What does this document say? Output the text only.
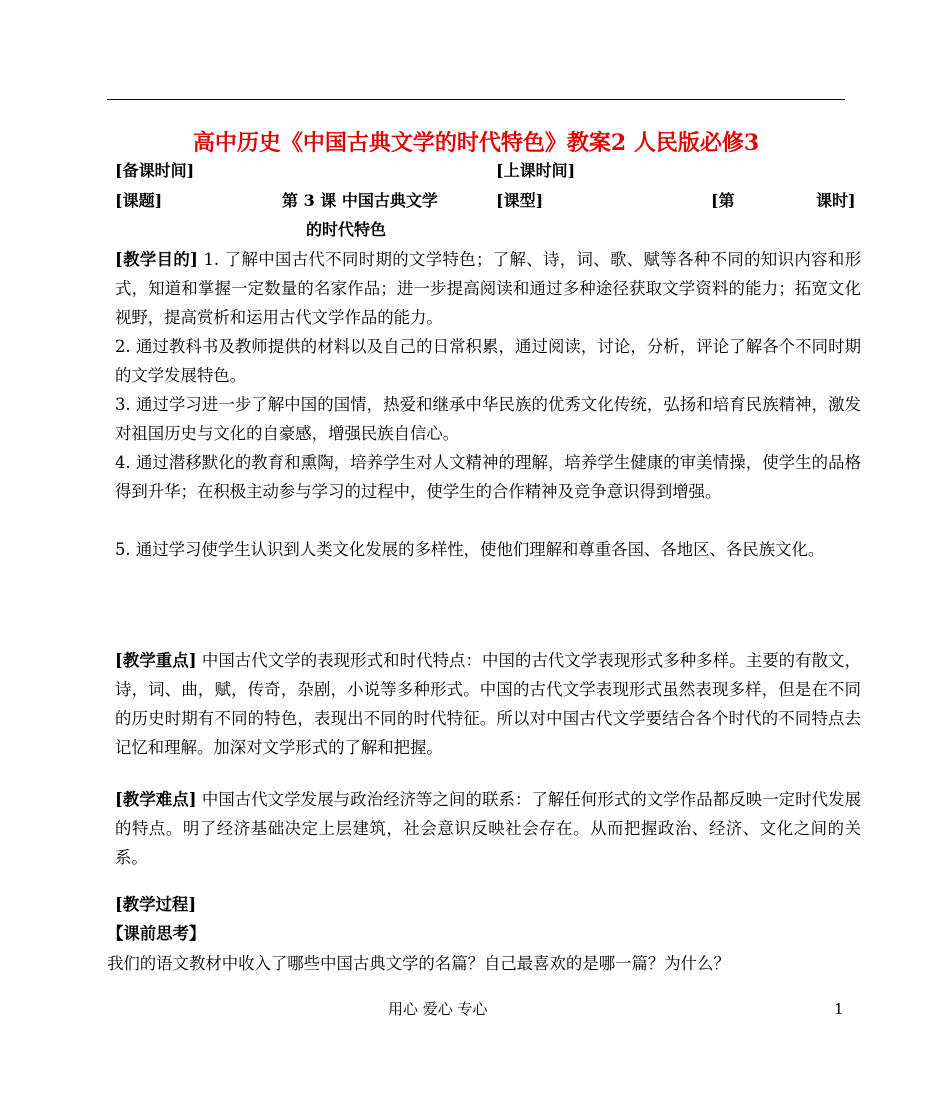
高中历史《中国古典文学的时代特色》教案2 人民版必修3
[备课时间]	[上课时间]
[课题]	第 3 课 中国古典文学
的时代特色
[课型]	[第	课时]

[教学目的] 1. 了解中国古代不同时期的文学特色；了解、诗，词、歌、赋等各种不同的知识内容和形式，知道和掌握一定数量的名家作品；进一步提高阅读和通过多种途径获取文学资料的能力；拓宽文化视野，提高赏析和运用古代文学作品的能力。

2. 通过教科书及教师提供的材料以及自己的日常积累，通过阅读，讨论，分析，评论了解各个不同时期的文学发展特色。

3. 通过学习进一步了解中国的国情，热爱和继承中华民族的优秀文化传统，弘扬和培育民族精神，激发对祖国历史与文化的自豪感，增强民族自信心。

4. 通过潜移默化的教育和熏陶，培养学生对人文精神的理解，培养学生健康的审美情操，使学生的品格得到升华；在积极主动参与学习的过程中，使学生的合作精神及竞争意识得到增强。

5. 通过学习使学生认识到人类文化发展的多样性，使他们理解和尊重各国、各地区、各民族文化。

[教学重点] 中国古代文学的表现形式和时代特点：中国的古代文学表现形式多种多样。主要的有散文，诗，词、曲，赋，传奇，杂剧，小说等多种形式。中国的古代文学表现形式虽然表现多样，但是在不同的历史时期有不同的特色，表现出不同的时代特征。所以对中国古代文学要结合各个时代的不同特点去记忆和理解。加深对文学形式的了解和把握。

[教学难点] 中国古代文学发展与政治经济等之间的联系：了解任何形式的文学作品都反映一定时代发展的特点。明了经济基础决定上层建筑，社会意识反映社会存在。从而把握政治、经济、文化之间的关系。

[教学过程]

【课前思考】

我们的语文教材中收入了哪些中国古典文学的名篇？自己最喜欢的是哪一篇？为什么？

用心 爱心 专心	1
